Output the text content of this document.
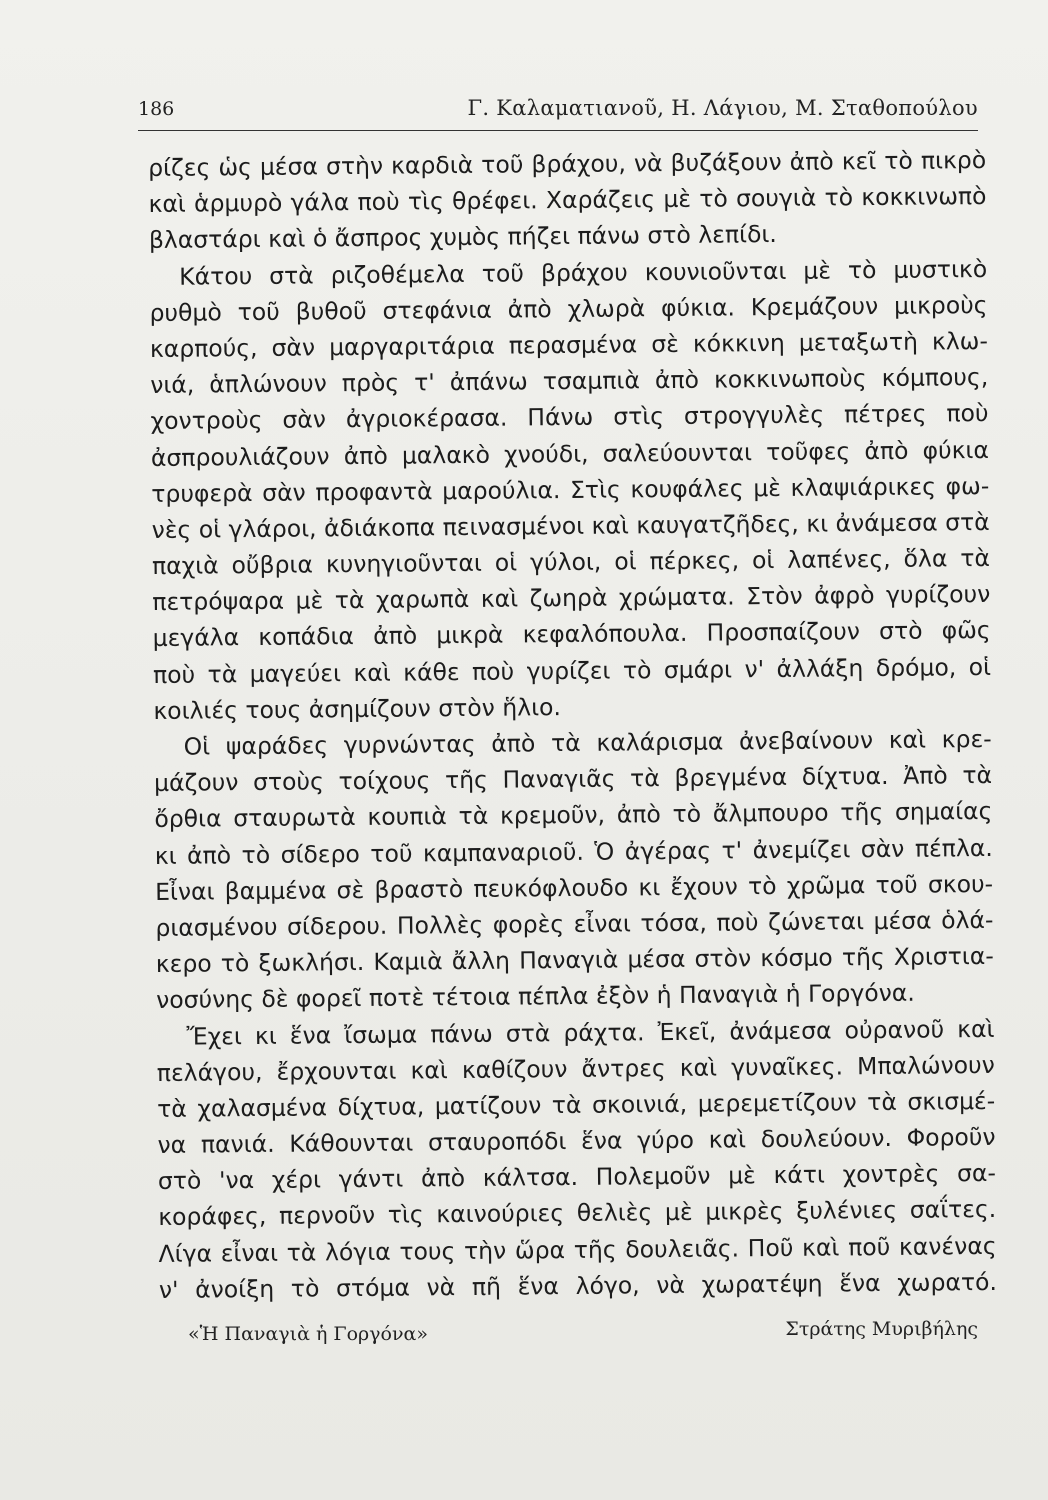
186	Γ. Καλαματιανοῦ, Η. Λάγιου, Μ. Σταθοπούλου
ρίζες ὡς μέσα στὴν καρδιὰ τοῦ βράχου, νὰ βυζάξουν ἀπὸ κεῖ τὸ πικρὸ
καὶ ἁρμυρὸ γάλα ποὺ τὶς θρέφει. Χαράζεις μὲ τὸ σουγιὰ τὸ κοκκινωπὸ
βλαστάρι καὶ ὁ ἄσπρος χυμὸς πήζει πάνω στὸ λεπίδι.
Κάτου στὰ ριζοθέμελα τοῦ βράχου κουνιοῦνται μὲ τὸ μυστικὸ
ρυθμὸ τοῦ βυθοῦ στεφάνια ἀπὸ χλωρὰ φύκια. Κρεμάζουν μικροὺς
καρπούς, σὰν μαργαριτάρια περασμένα σὲ κόκκινη μεταξωτὴ κλω-
νιά, ἁπλώνουν πρὸς τ' ἀπάνω τσαμπιὰ ἀπὸ κοκκινωποὺς κόμπους,
χοντροὺς σὰν ἀγριοκέρασα. Πάνω στὶς στρογγυλὲς πέτρες ποὺ
ἀσπρουλιάζουν ἀπὸ μαλακὸ χνούδι, σαλεύουνται τοῦφες ἀπὸ φύκια
τρυφερὰ σὰν προφαντὰ μαρούλια. Στὶς κουφάλες μὲ κλαψιάρικες φω-
νὲς οἱ γλάροι, ἀδιάκοπα πεινασμένοι καὶ καυγατζῆδες, κι ἀνάμεσα στὰ
παχιὰ οὔβρια κυνηγιοῦνται οἱ γύλοι, οἱ πέρκες, οἱ λαπένες, ὅλα τὰ
πετρόψαρα μὲ τὰ χαρωπὰ καὶ ζωηρὰ χρώματα. Στὸν ἀφρὸ γυρίζουν
μεγάλα κοπάδια ἀπὸ μικρὰ κεφαλόπουλα. Προσπαίζουν στὸ φῶς
ποὺ τὰ μαγεύει καὶ κάθε ποὺ γυρίζει τὸ σμάρι ν' ἀλλάξη δρόμο, οἱ
κοιλιές τους ἀσημίζουν στὸν ἥλιο.
Οἱ ψαράδες γυρνώντας ἀπὸ τὰ καλάρισμα ἀνεβαίνουν καὶ κρε-
μάζουν στοὺς τοίχους τῆς Παναγιᾶς τὰ βρεγμένα δίχτυα. Ἀπὸ τὰ
ὄρθια σταυρωτὰ κουπιὰ τὰ κρεμοῦν, ἀπὸ τὸ ἄλμπουρο τῆς σημαίας
κι ἀπὸ τὸ σίδερο τοῦ καμπαναριοῦ. Ὁ ἀγέρας τ' ἀνεμίζει σὰν πέπλα.
Εἶναι βαμμένα σὲ βραστὸ πευκόφλουδο κι ἔχουν τὸ χρῶμα τοῦ σκου-
ριασμένου σίδερου. Πολλὲς φορὲς εἶναι τόσα, ποὺ ζώνεται μέσα ὁλά-
κερο τὸ ξωκλήσι. Καμιὰ ἄλλη Παναγιὰ μέσα στὸν κόσμο τῆς Χριστια-
νοσύνης δὲ φορεῖ ποτὲ τέτοια πέπλα ἐξὸν ἡ Παναγιὰ ἡ Γοργόνα.
Ἔχει κι ἕνα ἴσωμα πάνω στὰ ράχτα. Ἐκεῖ, ἀνάμεσα οὐρανοῦ καὶ
πελάγου, ἔρχουνται καὶ καθίζουν ἄντρες καὶ γυναῖκες. Μπαλώνουν
τὰ χαλασμένα δίχτυα, ματίζουν τὰ σκοινιά, μερεμετίζουν τὰ σκισμέ-
να πανιά. Κάθουνται σταυροπόδι ἕνα γύρο καὶ δουλεύουν. Φοροῦν
στὸ 'να χέρι γάντι ἀπὸ κάλτσα. Πολεμοῦν μὲ κάτι χοντρὲς σα-
κοράφες, περνοῦν τὶς καινούριες θελιὲς μὲ μικρὲς ξυλένιες σαΐτες.
Λίγα εἶναι τὰ λόγια τους τὴν ὥρα τῆς δουλειᾶς. Ποῦ καὶ ποῦ κανένας
ν' ἀνοίξη τὸ στόμα νὰ πῆ ἕνα λόγο, νὰ χωρατέψη ἕνα χωρατό.
«Ἡ Παναγιὰ ἡ Γοργόνα»	Στράτης Μυριβήλης
